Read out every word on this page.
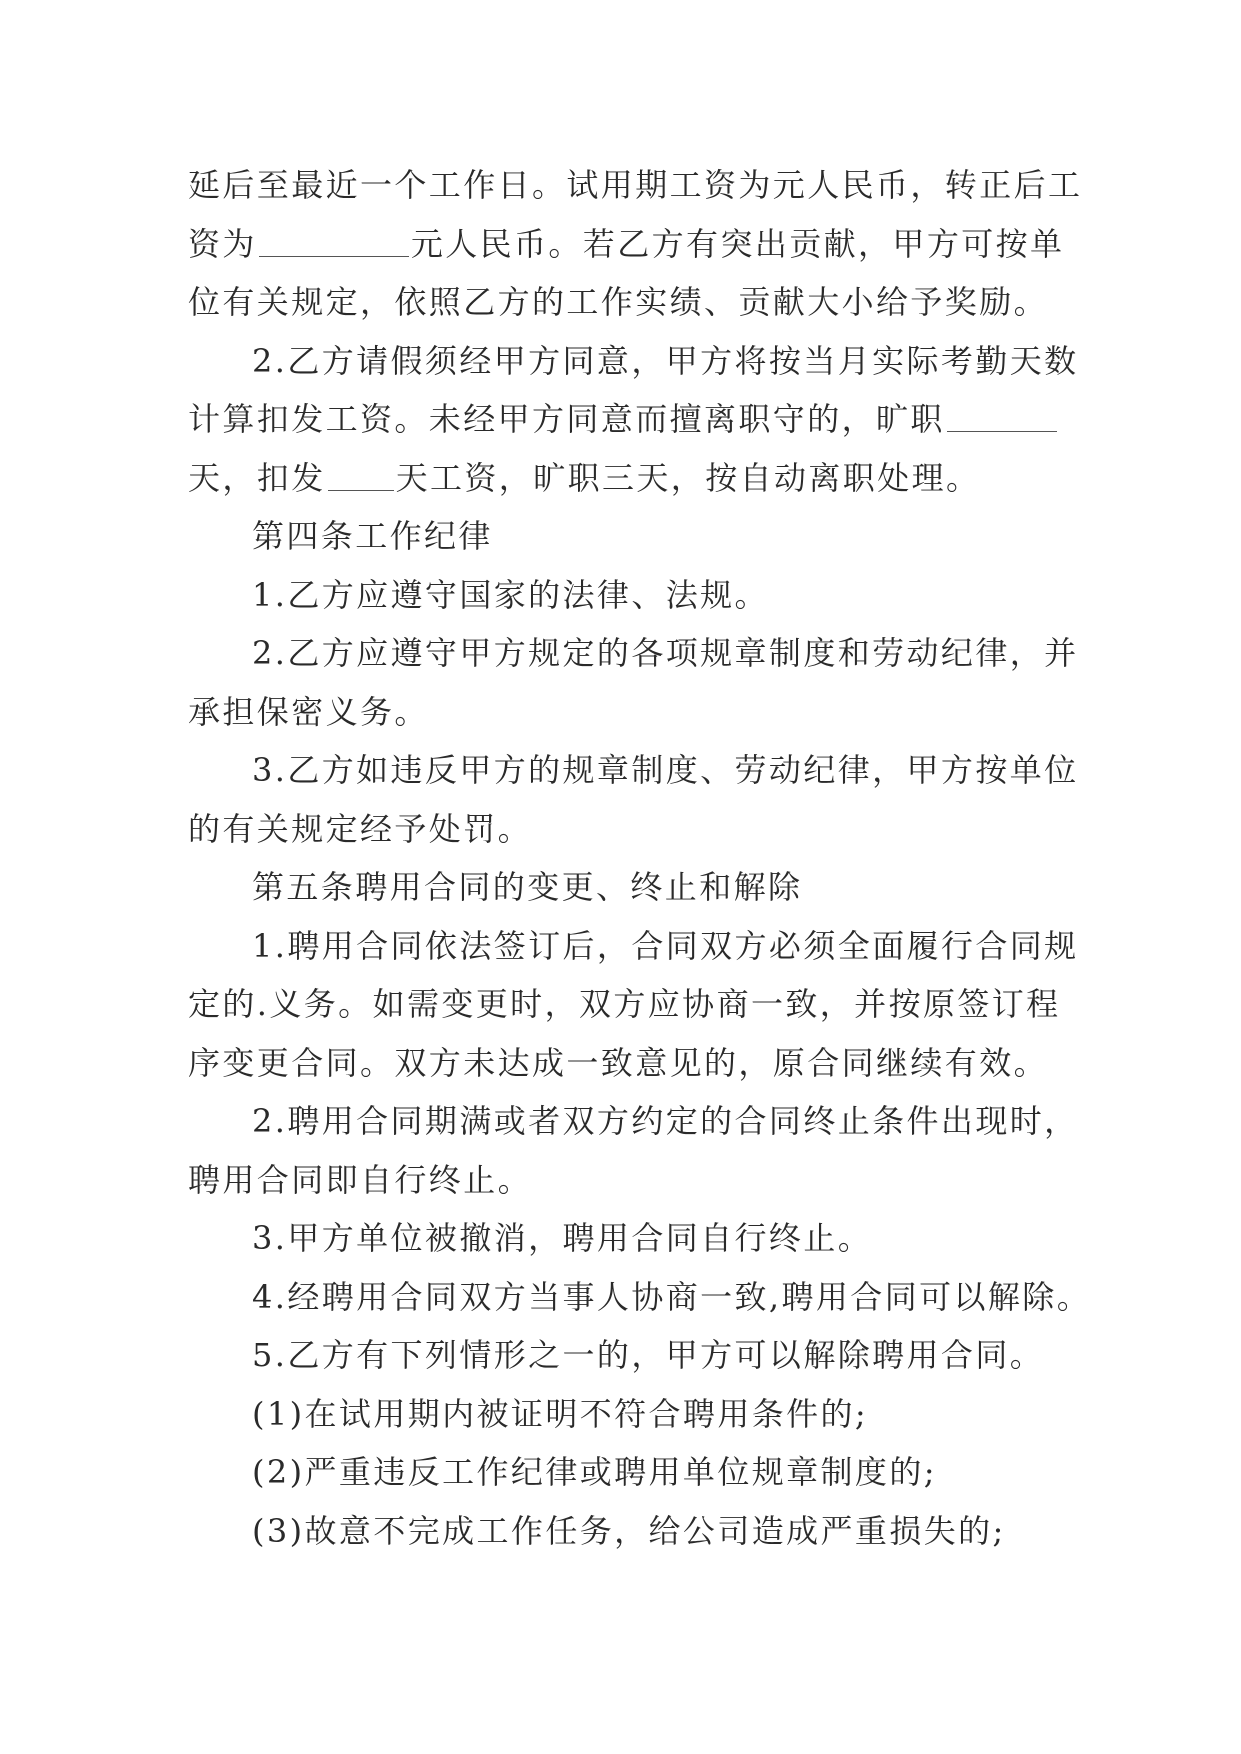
延后至最近一个工作日。试用期工资为元人民币，转正后工
资为	元人民币。若乙方有突出贡献，甲方可按单
位有关规定，依照乙方的工作实绩、贡献大小给予奖励。
2.乙方请假须经甲方同意，甲方将按当月实际考勤天数
计算扣发工资。未经甲方同意而擅离职守的，旷职
天，扣发 天工资，旷职三天，按自动离职处理。
第四条工作纪律
1.乙方应遵守国家的法律、法规。
2.乙方应遵守甲方规定的各项规章制度和劳动纪律，并
承担保密义务。
3.乙方如违反甲方的规章制度、劳动纪律，甲方按单位
的有关规定经予处罚。
第五条聘用合同的变更、终止和解除
1.聘用合同依法签订后，合同双方必须全面履行合同规
定的.义务。如需变更时，双方应协商一致，并按原签订程
序变更合同。双方未达成一致意见的，原合同继续有效。
2.聘用合同期满或者双方约定的合同终止条件出现时，
聘用合同即自行终止。
3.甲方单位被撤消，聘用合同自行终止。
4.经聘用合同双方当事人协商一致,聘用合同可以解除。
5.乙方有下列情形之一的，甲方可以解除聘用合同。
(1)在试用期内被证明不符合聘用条件的;
(2)严重违反工作纪律或聘用单位规章制度的;
(3)故意不完成工作任务，给公司造成严重损失的;
